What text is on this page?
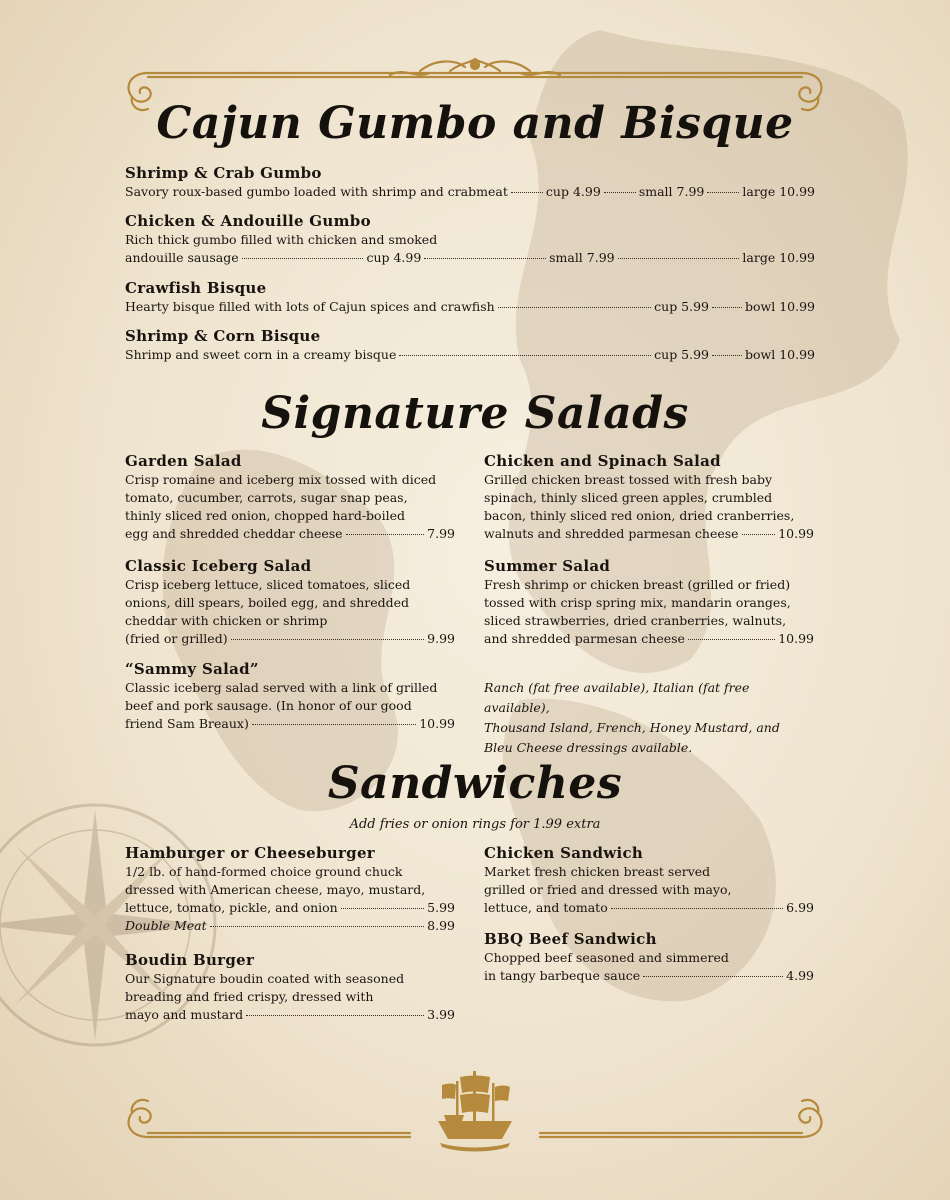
Cajun Gumbo and Bisque
Shrimp & Crab Gumbo
Savory roux-based gumbo loaded with shrimp and crabmeat	cup 4.99	small 7.99	large 10.99
Chicken & Andouille Gumbo
Rich thick gumbo filled with chicken and smoked
andouille sausage	cup 4.99	small 7.99	large 10.99
Crawfish Bisque
Hearty bisque filled with lots of Cajun spices and crawfish	cup 5.99	bowl 10.99
Shrimp & Corn Bisque
Shrimp and sweet corn in a creamy bisque	cup 5.99	bowl 10.99
Signature Salads
Garden Salad
Crisp romaine and iceberg mix tossed with diced
tomato, cucumber, carrots, sugar snap peas,
thinly sliced red onion, chopped hard-boiled
egg and shredded cheddar cheese	7.99
Classic Iceberg Salad
Crisp iceberg lettuce, sliced tomatoes, sliced
onions, dill spears, boiled egg, and shredded
cheddar with chicken or shrimp
(fried or grilled)	9.99
“Sammy Salad”
Classic iceberg salad served with a link of grilled
beef and pork sausage. (In honor of our good
friend Sam Breaux)	10.99
Chicken and Spinach Salad
Grilled chicken breast tossed with fresh baby
spinach, thinly sliced green apples, crumbled
bacon, thinly sliced red onion, dried cranberries,
walnuts and shredded parmesan cheese	10.99
Summer Salad
Fresh shrimp or chicken breast (grilled or fried)
tossed with crisp spring mix, mandarin oranges,
sliced strawberries, dried cranberries, walnuts,
and shredded parmesan cheese	10.99
Ranch (fat free available), Italian (fat free available),
Thousand Island, French, Honey Mustard, and
Bleu Cheese dressings available.
Sandwiches
Add fries or onion rings for 1.99 extra
Hamburger or Cheeseburger
1/2 lb. of hand-formed choice ground chuck
dressed with American cheese, mayo, mustard,
lettuce, tomato, pickle, and onion	5.99
Double Meat	8.99
Boudin Burger
Our Signature boudin coated with seasoned
breading and fried crispy, dressed with
mayo and mustard	3.99
Chicken Sandwich
Market fresh chicken breast served
grilled or fried and dressed with mayo,
lettuce, and tomato	6.99
BBQ Beef Sandwich
Chopped beef seasoned and simmered
in tangy barbeque sauce	4.99
